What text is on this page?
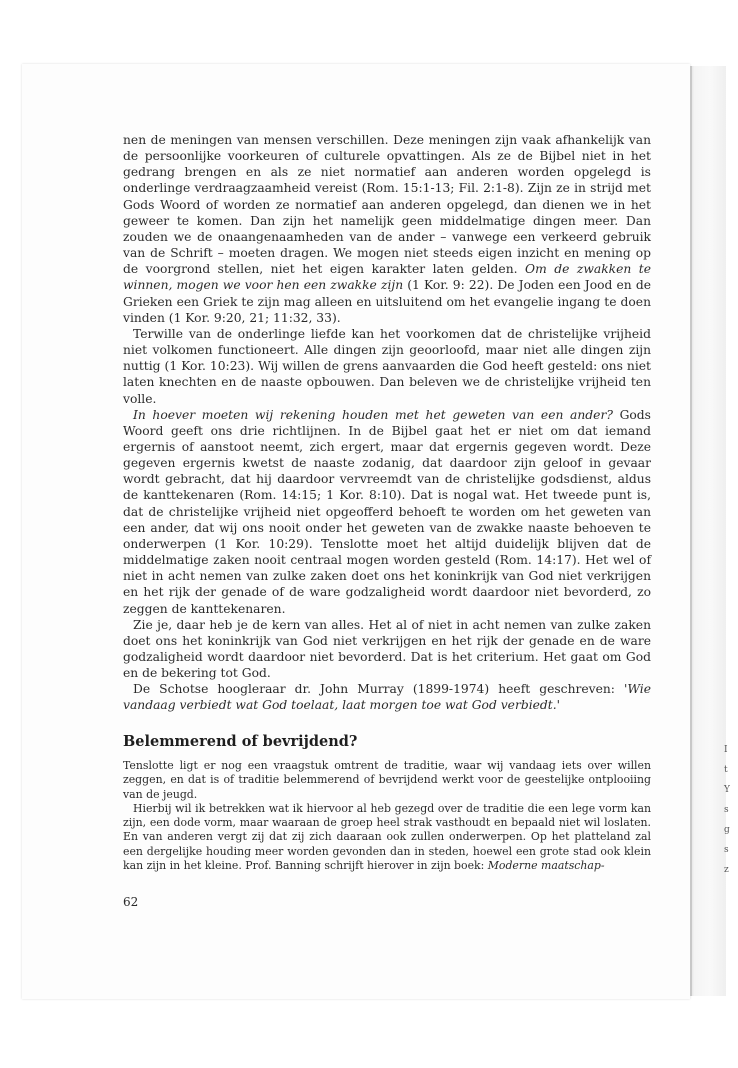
I
t
Y
s
g
s
z

nen de meningen van mensen verschillen. Deze meningen zijn vaak afhankelijk van de persoonlijke voorkeuren of culturele opvattingen. Als ze de Bijbel niet in het gedrang brengen en als ze niet normatief aan anderen worden opgelegd is onderlinge verdraagzaamheid vereist (Rom. 15:1-13; Fil. 2:1-8). Zijn ze in strijd met Gods Woord of worden ze normatief aan anderen opgelegd, dan dienen we in het geweer te komen. Dan zijn het namelijk geen middelmatige dingen meer. Dan zouden we de onaangenaamheden van de ander – vanwege een verkeerd gebruik van de Schrift – moeten dragen. We mogen niet steeds eigen inzicht en mening op de voorgrond stellen, niet het eigen karakter laten gelden. Om de zwakken te winnen, mogen we voor hen een zwakke zijn (1 Kor. 9: 22). De Joden een Jood en de Grieken een Griek te zijn mag alleen en uitsluitend om het evangelie ingang te doen vinden (1 Kor. 9:20, 21; 11:32, 33).

Terwille van de onderlinge liefde kan het voorkomen dat de christelijke vrijheid niet volkomen functioneert. Alle dingen zijn geoorloofd, maar niet alle dingen zijn nuttig (1 Kor. 10:23). Wij willen de grens aanvaarden die God heeft gesteld: ons niet laten knechten en de naaste opbouwen. Dan beleven we de christelijke vrijheid ten volle.

In hoever moeten wij rekening houden met het geweten van een ander? Gods Woord geeft ons drie richtlijnen. In de Bijbel gaat het er niet om dat iemand ergernis of aanstoot neemt, zich ergert, maar dat ergernis gegeven wordt. Deze gegeven ergernis kwetst de naaste zodanig, dat daardoor zijn geloof in gevaar wordt gebracht, dat hij daardoor vervreemdt van de christelijke godsdienst, aldus de kanttekenaren (Rom. 14:15; 1 Kor. 8:10). Dat is nogal wat. Het tweede punt is, dat de christelijke vrijheid niet opgeofferd behoeft te worden om het geweten van een ander, dat wij ons nooit onder het geweten van de zwakke naaste behoeven te onderwerpen (1 Kor. 10:29). Tenslotte moet het altijd duidelijk blijven dat de middelmatige zaken nooit centraal mogen worden gesteld (Rom. 14:17). Het wel of niet in acht nemen van zulke zaken doet ons het koninkrijk van God niet verkrijgen en het rijk der genade of de ware godzaligheid wordt daardoor niet bevorderd, zo zeggen de kanttekenaren.

Zie je, daar heb je de kern van alles. Het al of niet in acht nemen van zulke zaken doet ons het koninkrijk van God niet verkrijgen en het rijk der genade en de ware godzaligheid wordt daardoor niet bevorderd. Dat is het criterium. Het gaat om God en de bekering tot God.

De Schotse hoogleraar dr. John Murray (1899-1974) heeft geschreven: 'Wie vandaag verbiedt wat God toelaat, laat morgen toe wat God verbiedt.'

Belemmerend of bevrijdend?

Tenslotte ligt er nog een vraagstuk omtrent de traditie, waar wij vandaag iets over willen zeggen, en dat is of traditie belemmerend of bevrijdend werkt voor de geestelijke ontplooiing van de jeugd.

Hierbij wil ik betrekken wat ik hiervoor al heb gezegd over de traditie die een lege vorm kan zijn, een dode vorm, maar waaraan de groep heel strak vasthoudt en bepaald niet wil loslaten. En van anderen vergt zij dat zij zich daaraan ook zullen onderwerpen. Op het platteland zal een dergelijke houding meer worden gevonden dan in steden, hoewel een grote stad ook klein kan zijn in het kleine. Prof. Banning schrijft hierover in zijn boek: Moderne maatschap-

62
